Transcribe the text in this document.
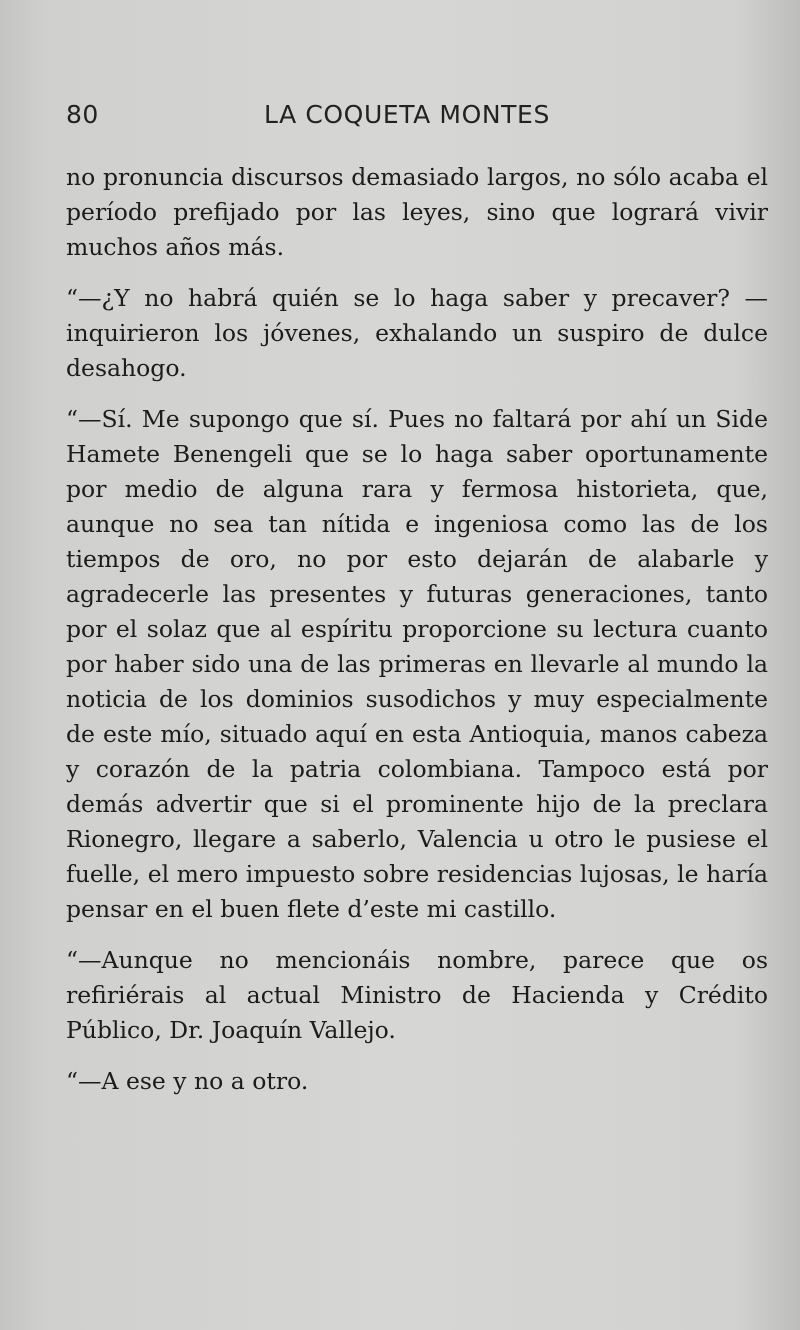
80	LA COQUETA MONTES

no pronuncia discursos demasiado largos, no sólo acaba el período prefijado por las leyes, sino que logrará vivir muchos años más.

“—¿Y no habrá quién se lo haga saber y precaver? —inquirieron los jóvenes, exhalando un suspiro de dulce desahogo.

“—Sí. Me supongo que sí. Pues no faltará por ahí un Side Hamete Benengeli que se lo haga saber oportunamente por medio de alguna rara y fermosa historieta, que, aunque no sea tan nítida e ingeniosa como las de los tiempos de oro, no por esto dejarán de alabarle y agradecerle las presentes y futuras generaciones, tanto por el solaz que al espíritu proporcione su lectura cuanto por haber sido una de las primeras en llevarle al mundo la noticia de los dominios susodichos y muy especialmente de este mío, situado aquí en esta Antioquia, manos cabeza y corazón de la patria colombiana. Tampoco está por demás advertir que si el prominente hijo de la preclara Rionegro, llegare a saberlo, Valencia u otro le pusiese el fuelle, el mero impuesto sobre residencias lujosas, le haría pensar en el buen flete d’este mi castillo.

“—Aunque no mencionáis nombre, parece que os refiriérais al actual Ministro de Hacienda y Crédito Público, Dr. Joaquín Vallejo.

“—A ese y no a otro.
